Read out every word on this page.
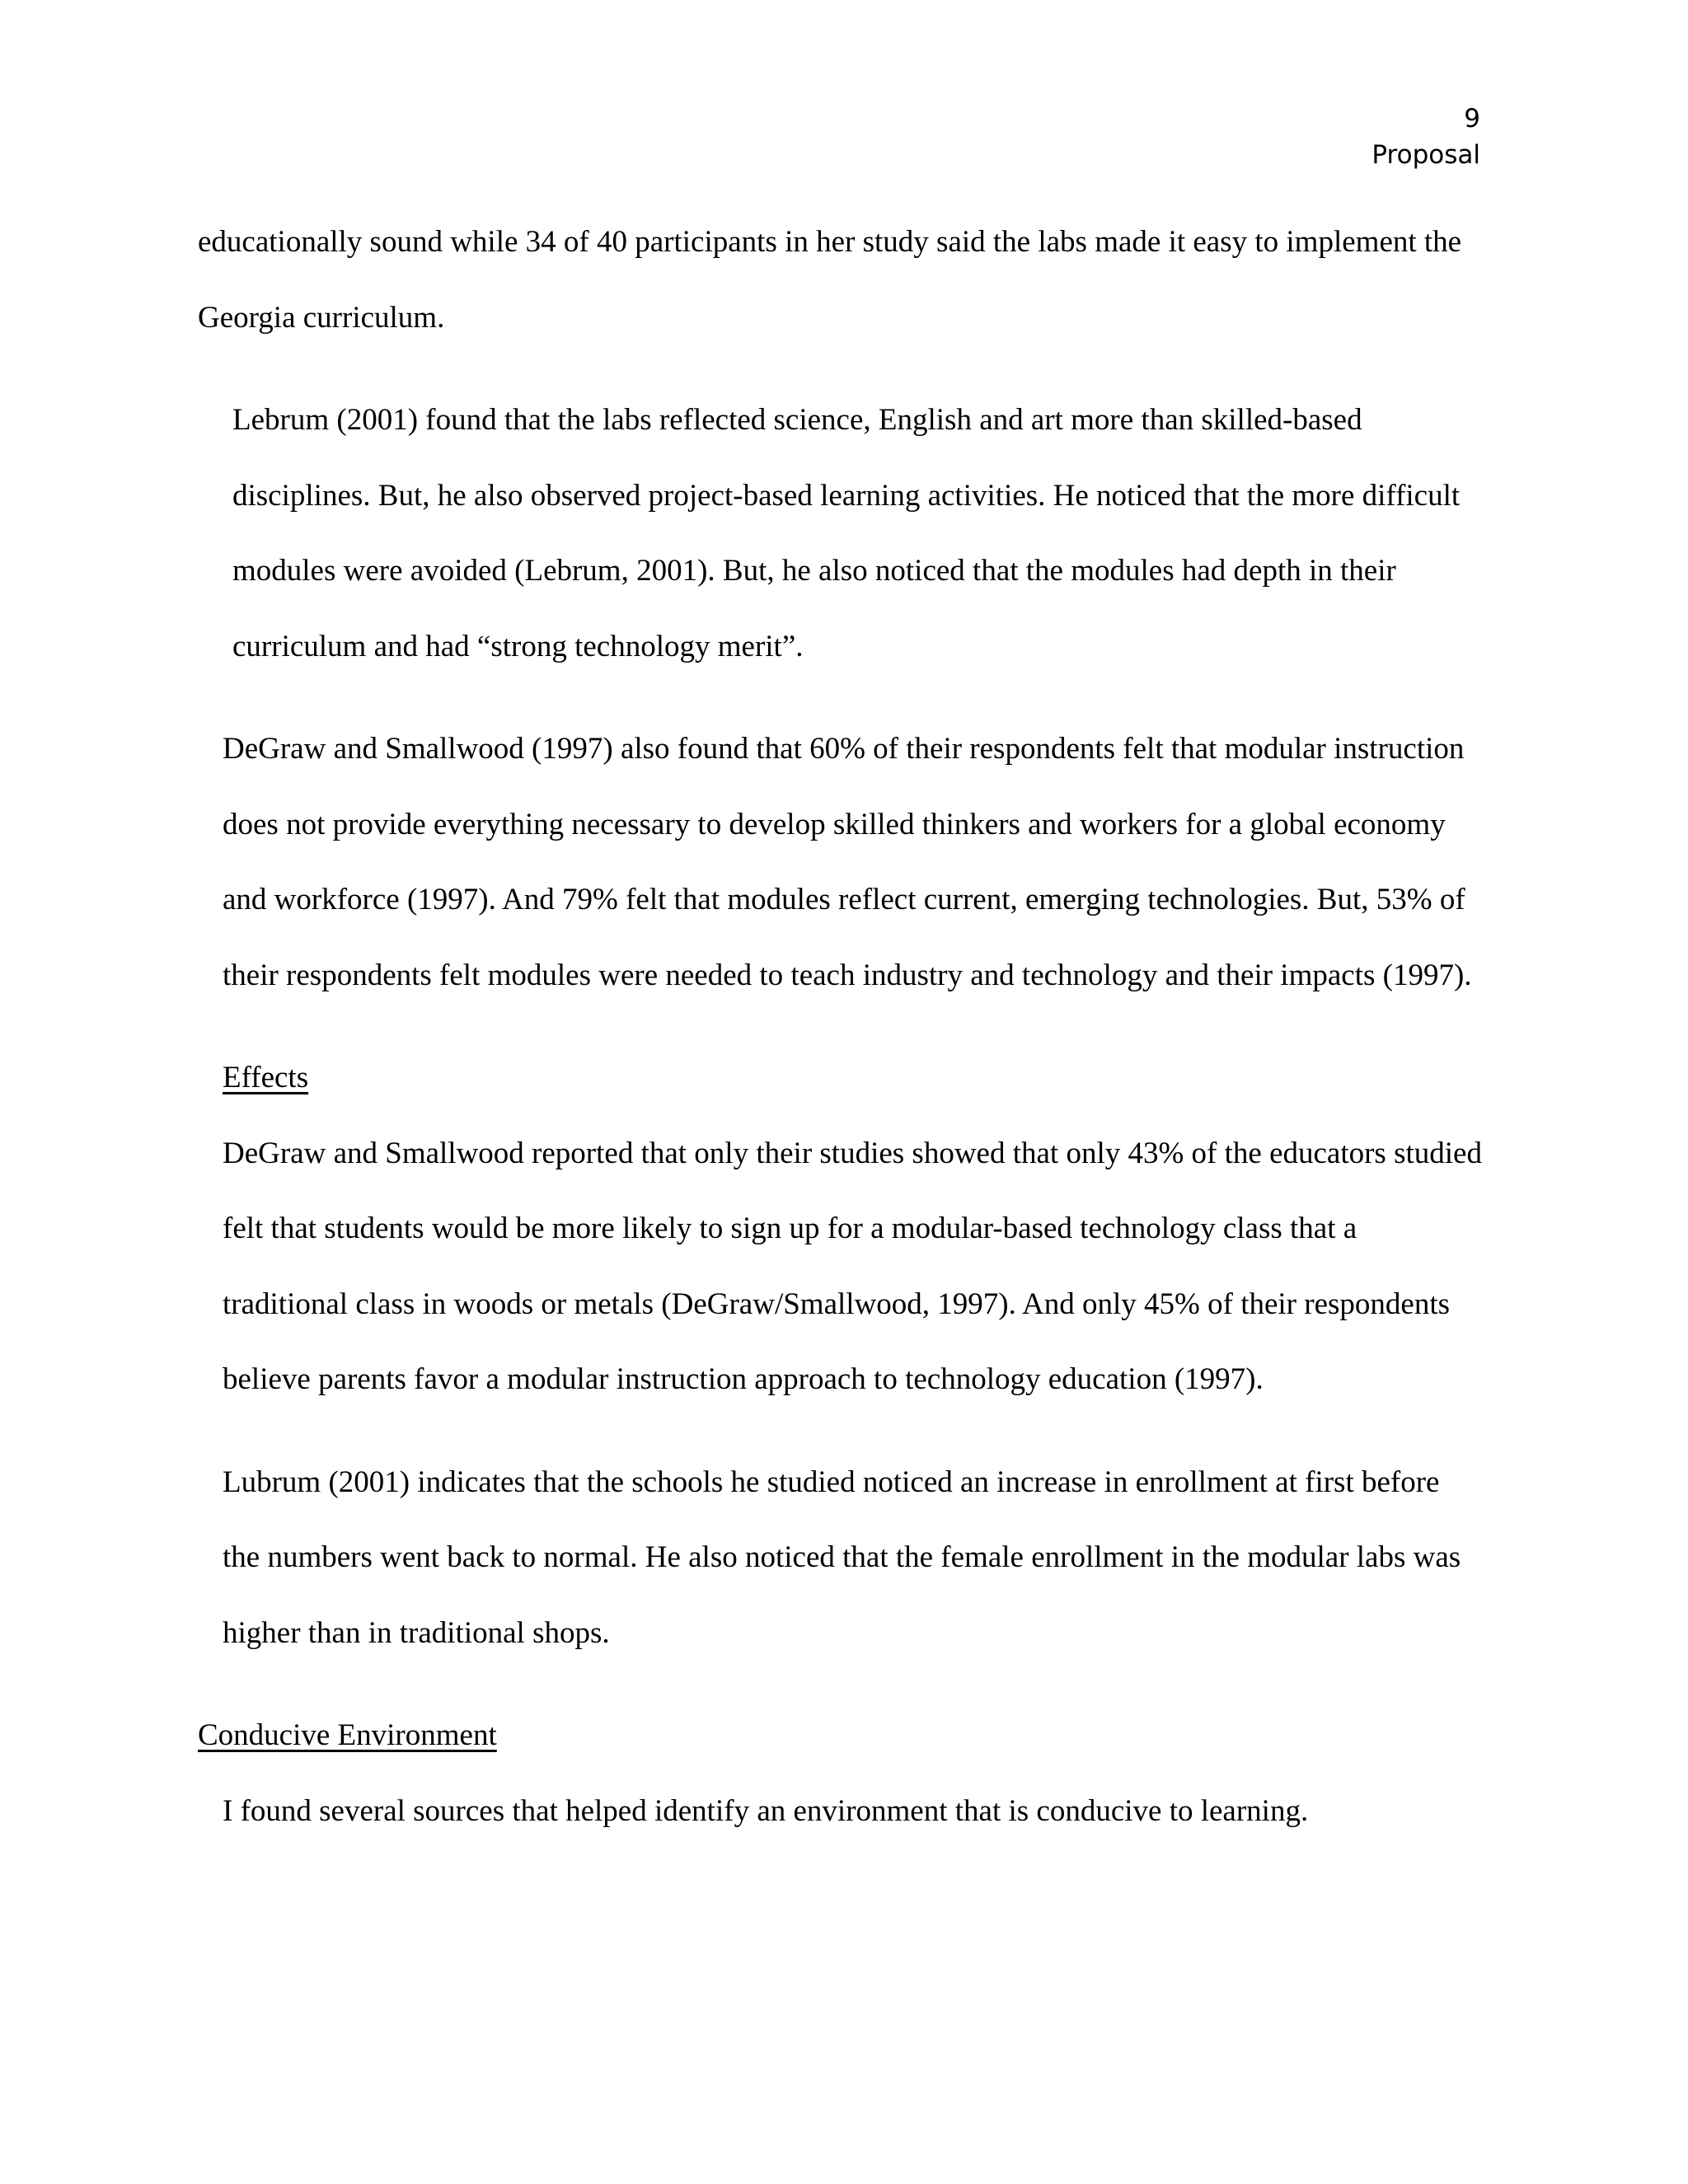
9
Proposal

educationally sound while 34 of 40 participants in her study said the labs made it easy to implement the Georgia curriculum.

Lebrum (2001) found that the labs reflected science, English and art more than skilled-based disciplines. But, he also observed project-based learning activities. He noticed that the more difficult modules were avoided (Lebrum, 2001). But, he also noticed that the modules had depth in their curriculum and had “strong technology merit”.

DeGraw and Smallwood (1997) also found that 60% of their respondents felt that modular instruction does not provide everything necessary to develop skilled thinkers and workers for a global economy and workforce (1997). And 79% felt that modules reflect current, emerging technologies. But, 53% of their respondents felt modules were needed to teach industry and technology and their impacts (1997).

Effects

DeGraw and Smallwood reported that only their studies showed that only 43% of the educators studied felt that students would be more likely to sign up for a modular-based technology class that a traditional class in woods or metals (DeGraw/Smallwood, 1997). And only 45% of their respondents believe parents favor a modular instruction approach to technology education (1997).

Lubrum (2001) indicates that the schools he studied noticed an increase in enrollment at first before the numbers went back to normal. He also noticed that the female enrollment in the modular labs was higher than in traditional shops.

Conducive Environment

I found several sources that helped identify an environment that is conducive to learning.
